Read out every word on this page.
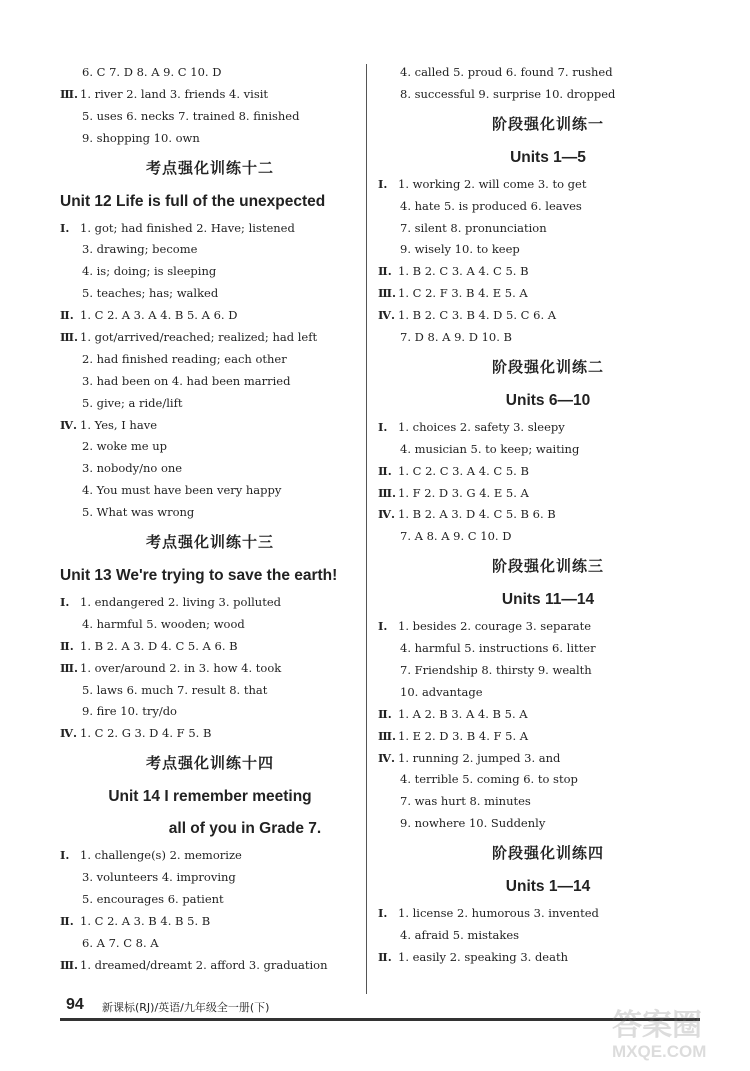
6. C 7. D 8. A 9. C 10. D
Ⅲ. 1. river 2. land 3. friends 4. visit
5. uses 6. necks 7. trained 8. finished
9. shopping 10. own
考点强化训练十二
Unit 12 Life is full of the unexpected
Ⅰ. 1. got; had finished 2. Have; listened
3. drawing; become
4. is; doing; is sleeping
5. teaches; has; walked
Ⅱ. 1. C 2. A 3. A 4. B 5. A 6. D
Ⅲ. 1. got/arrived/reached; realized; had left
2. had finished reading; each other
3. had been on 4. had been married
5. give; a ride/lift
Ⅳ. 1. Yes, I have
2. woke me up
3. nobody/no one
4. You must have been very happy
5. What was wrong
考点强化训练十三
Unit 13 We're trying to save the earth!
Ⅰ. 1. endangered 2. living 3. polluted
4. harmful 5. wooden; wood
Ⅱ. 1. B 2. A 3. D 4. C 5. A 6. B
Ⅲ. 1. over/around 2. in 3. how 4. took
5. laws 6. much 7. result 8. that
9. fire 10. try/do
Ⅳ. 1. C 2. G 3. D 4. F 5. B
考点强化训练十四
Unit 14 I remember meeting
all of you in Grade 7.
Ⅰ. 1. challenge(s) 2. memorize
3. volunteers 4. improving
5. encourages 6. patient
Ⅱ. 1. C 2. A 3. B 4. B 5. B
6. A 7. C 8. A
Ⅲ. 1. dreamed/dreamt 2. afford 3. graduation
4. called 5. proud 6. found 7. rushed
8. successful 9. surprise 10. dropped
阶段强化训练一
Units 1—5
Ⅰ. 1. working 2. will come 3. to get
4. hate 5. is produced 6. leaves
7. silent 8. pronunciation
9. wisely 10. to keep
Ⅱ. 1. B 2. C 3. A 4. C 5. B
Ⅲ. 1. C 2. F 3. B 4. E 5. A
Ⅳ. 1. B 2. C 3. B 4. D 5. C 6. A
7. D 8. A 9. D 10. B
阶段强化训练二
Units 6—10
Ⅰ. 1. choices 2. safety 3. sleepy
4. musician 5. to keep; waiting
Ⅱ. 1. C 2. C 3. A 4. C 5. B
Ⅲ. 1. F 2. D 3. G 4. E 5. A
Ⅳ. 1. B 2. A 3. D 4. C 5. B 6. B
7. A 8. A 9. C 10. D
阶段强化训练三
Units 11—14
Ⅰ. 1. besides 2. courage 3. separate
4. harmful 5. instructions 6. litter
7. Friendship 8. thirsty 9. wealth
10. advantage
Ⅱ. 1. A 2. B 3. A 4. B 5. A
Ⅲ. 1. E 2. D 3. B 4. F 5. A
Ⅳ. 1. running 2. jumped 3. and
4. terrible 5. coming 6. to stop
7. was hurt 8. minutes
9. nowhere 10. Suddenly
阶段强化训练四
Units 1—14
Ⅰ. 1. license 2. humorous 3. invented
4. afraid 5. mistakes
Ⅱ. 1. easily 2. speaking 3. death
94 新课标(RJ)/英语/九年级全一册(下)
答案圈
MXQE.COM
